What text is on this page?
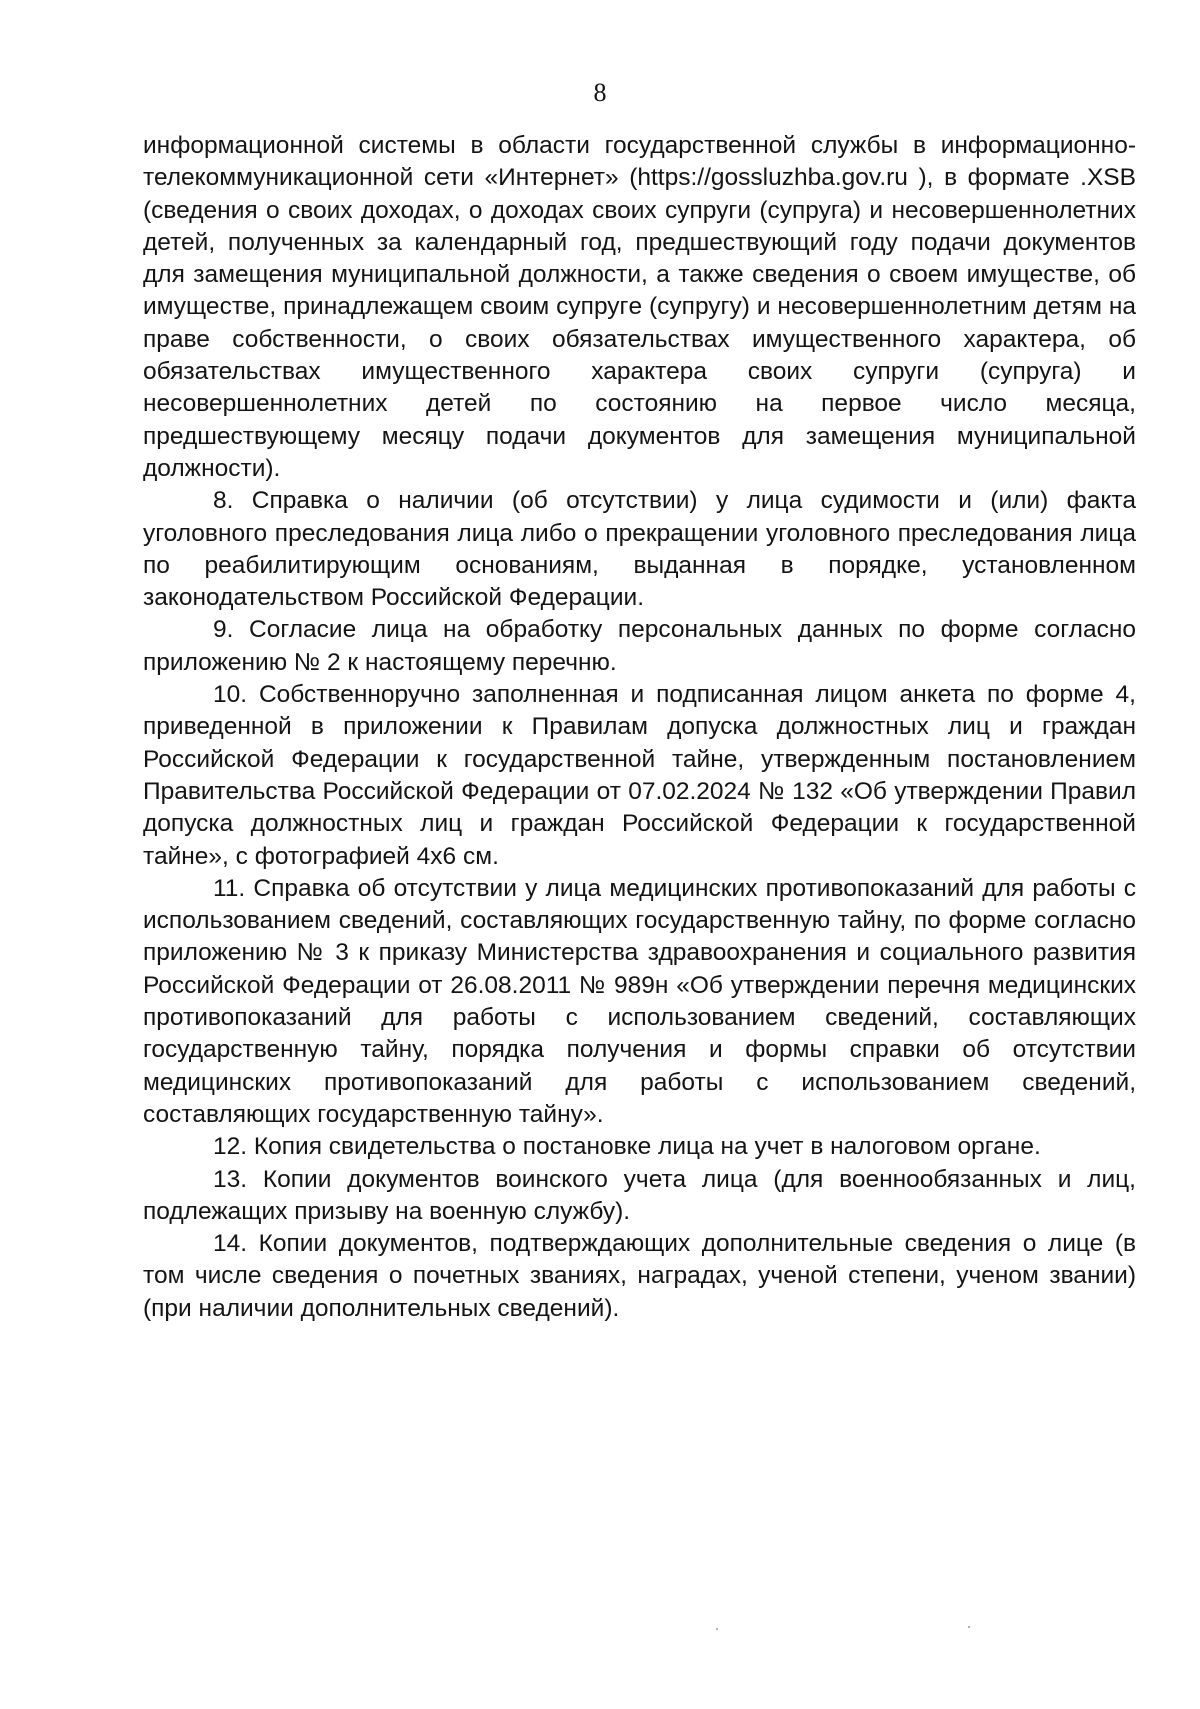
8

информационной системы в области государственной службы в информационно-телекоммуникационной сети «Интернет» (https://gossluzhba.gov.ru ), в формате .XSB (сведения о своих доходах, о доходах своих супруги (супруга) и несовершеннолетних детей, полученных за календарный год, предшествующий году подачи документов для замещения муниципальной должности, а также сведения о своем имуществе, об имуществе, принадлежащем своим супругe (супругу) и несовершеннолетним детям на праве собственности, о своих обязательствах имущественного характера, об обязательствах имущественного характера своих супруги (супруга) и несовершеннолетних детей по состоянию на первое число месяца, предшествующему месяцу подачи документов для замещения муниципальной должности).

8. Справка о наличии (об отсутствии) у лица судимости и (или) факта уголовного преследования лица либо о прекращении уголовного преследования лица по реабилитирующим основаниям, выданная в порядке, установленном законодательством Российской Федерации.

9. Согласие лица на обработку персональных данных по форме согласно приложению № 2 к настоящему перечню.

10. Собственноручно заполненная и подписанная лицом анкета по форме 4, приведенной в приложении к Правилам допуска должностных лиц и граждан Российской Федерации к государственной тайне, утвержденным постановлением Правительства Российской Федерации от 07.02.2024 № 132 «Об утверждении Правил допуска должностных лиц и граждан Российской Федерации к государственной тайне», с фотографией 4х6 см.

11. Справка об отсутствии у лица медицинских противопоказаний для работы с использованием сведений, составляющих государственную тайну, по форме согласно приложению № 3 к приказу Министерства здравоохранения и социального развития Российской Федерации от 26.08.2011 № 989н «Об утверждении перечня медицинских противопоказаний для работы с использованием сведений, составляющих государственную тайну, порядка получения и формы справки об отсутствии медицинских противопоказаний для работы с использованием сведений, составляющих государственную тайну».

12. Копия свидетельства о постановке лица на учет в налоговом органе.

13. Копии документов воинского учета лица (для военнообязанных и лиц, подлежащих призыву на военную службу).

14. Копии документов, подтверждающих дополнительные сведения о лице (в том числе сведения о почетных званиях, наградах, ученой степени, ученом звании) (при наличии дополнительных сведений).
